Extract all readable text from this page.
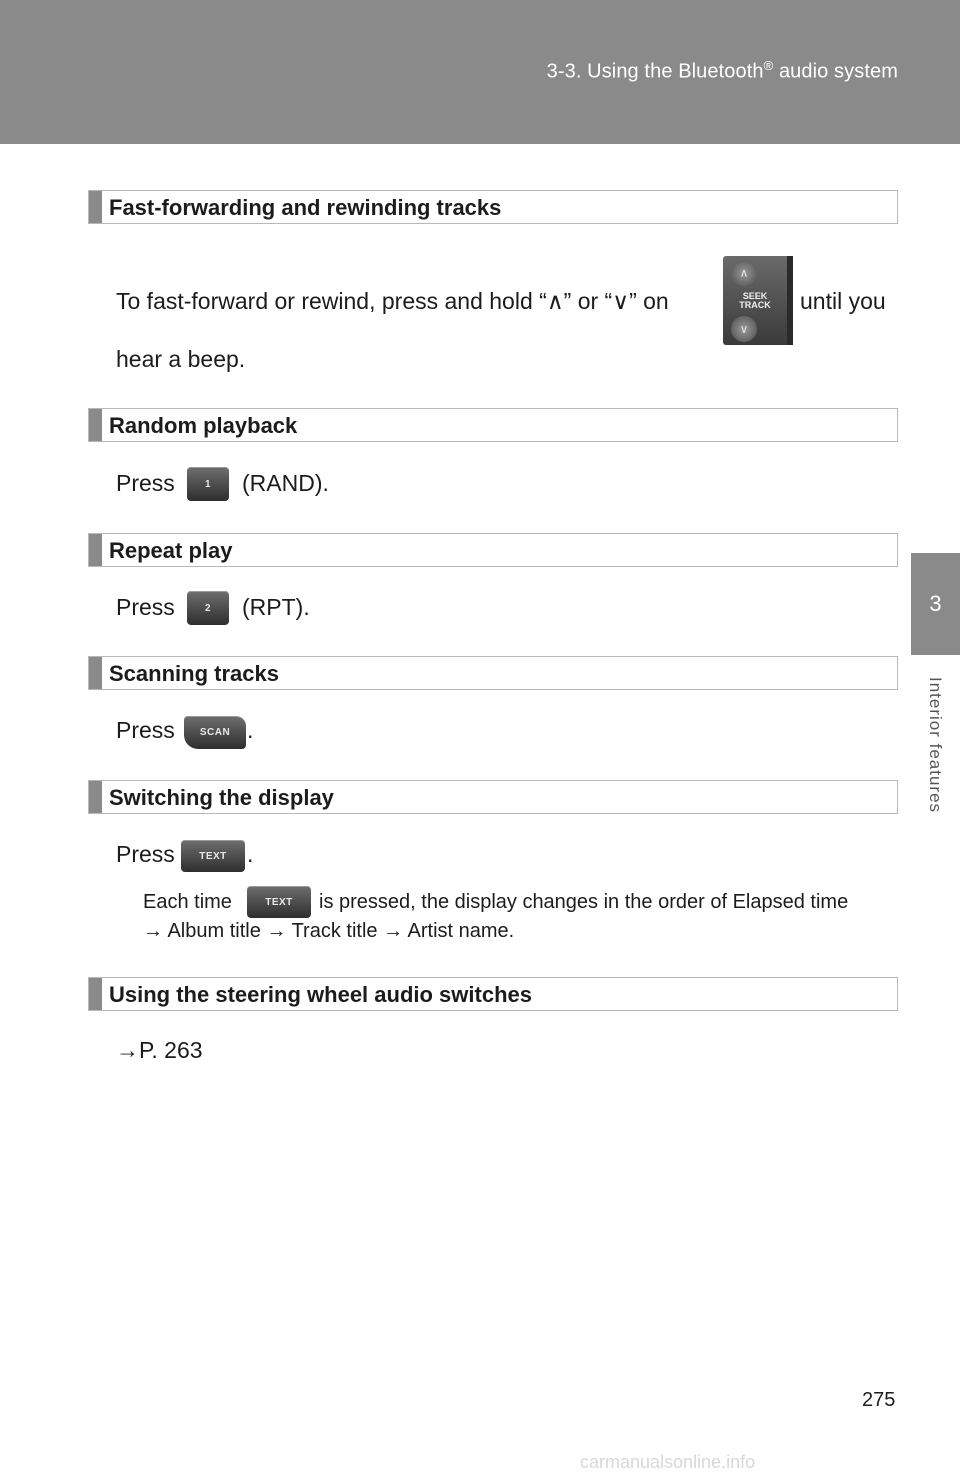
3-3. Using the Bluetooth® audio system
3
Interior features
Fast-forwarding and rewinding tracks
To fast-forward or rewind, press and hold “∧” or “∨” on
∧
SEEK TRACK
∨
until you
hear a beep.
Random playback
Press	1	(RAND).
Repeat play
Press	2	(RPT).
Scanning tracks
Press	SCAN .
Switching the display
Press	TEXT .
Each time	TEXT	is pressed, the display changes in the order of Elapsed time
→ Album title → Track title → Artist name.
Using the steering wheel audio switches
→P. 263
275
carmanualsonline.info
